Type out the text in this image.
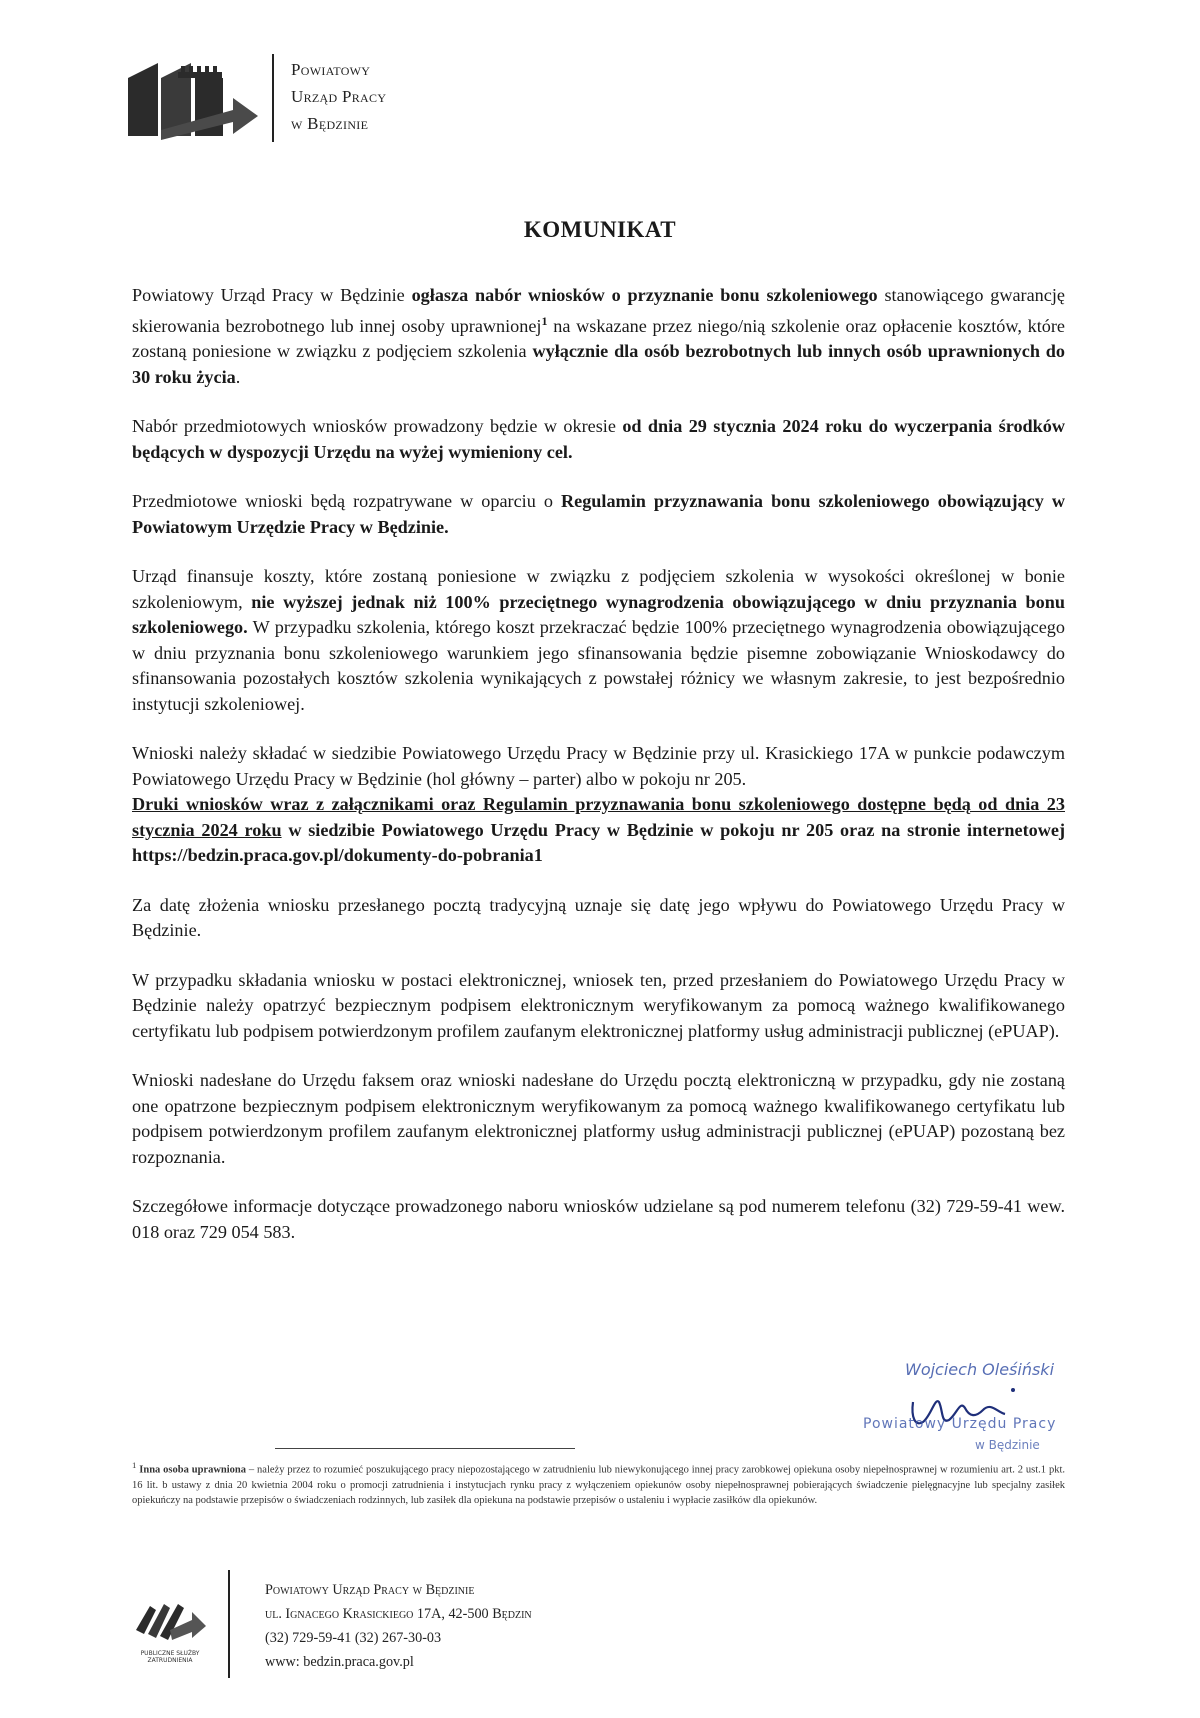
Powiatowy
Urząd Pracy
w Będzinie
KOMUNIKAT

Powiatowy Urząd Pracy w Będzinie ogłasza nabór wniosków o przyznanie bonu szkoleniowego stanowiącego gwarancję skierowania bezrobotnego lub innej osoby uprawnionej$^1$ na wskazane przez niego/nią szkolenie oraz opłacenie kosztów, które zostaną poniesione w związku z podjęciem szkolenia wyłącznie dla osób bezrobotnych lub innych osób uprawnionych do 30 roku życia.

Nabór przedmiotowych wniosków prowadzony będzie w okresie od dnia 29 stycznia 2024 roku do wyczerpania środków będących w dyspozycji Urzędu na wyżej wymieniony cel.

Przedmiotowe wnioski będą rozpatrywane w oparciu o Regulamin przyznawania bonu szkoleniowego obowiązujący w Powiatowym Urzędzie Pracy w Będzinie.

Urząd finansuje koszty, które zostaną poniesione w związku z podjęciem szkolenia w wysokości określonej w bonie szkoleniowym, nie wyższej jednak niż 100% przeciętnego wynagrodzenia obowiązującego w dniu przyznania bonu szkoleniowego. W przypadku szkolenia, którego koszt przekraczać będzie 100% przeciętnego wynagrodzenia obowiązującego w dniu przyznania bonu szkoleniowego warunkiem jego sfinansowania będzie pisemne zobowiązanie Wnioskodawcy do sfinansowania pozostałych kosztów szkolenia wynikających z powstałej różnicy we własnym zakresie, to jest bezpośrednio instytucji szkoleniowej.

Wnioski należy składać w siedzibie Powiatowego Urzędu Pracy w Będzinie przy ul. Krasickiego 17A w punkcie podawczym Powiatowego Urzędu Pracy w Będzinie (hol główny – parter) albo w pokoju nr 205.

Druki wniosków wraz z załącznikami oraz Regulamin przyznawania bonu szkoleniowego dostępne będą od dnia 23 stycznia 2024 roku w siedzibie Powiatowego Urzędu Pracy w Będzinie w pokoju nr 205 oraz na stronie internetowej https://bedzin.praca.gov.pl/dokumenty-do-pobrania1

Za datę złożenia wniosku przesłanego pocztą tradycyjną uznaje się datę jego wpływu do Powiatowego Urzędu Pracy w Będzinie.

W przypadku składania wniosku w postaci elektronicznej, wniosek ten, przed przesłaniem do Powiatowego Urzędu Pracy w Będzinie należy opatrzyć bezpiecznym podpisem elektronicznym weryfikowanym za pomocą ważnego kwalifikowanego certyfikatu lub podpisem potwierdzonym profilem zaufanym elektronicznej platformy usług administracji publicznej (ePUAP).

Wnioski nadesłane do Urzędu faksem oraz wnioski nadesłane do Urzędu pocztą elektroniczną w przypadku, gdy nie zostaną one opatrzone bezpiecznym podpisem elektronicznym weryfikowanym za pomocą ważnego kwalifikowanego certyfikatu lub podpisem potwierdzonym profilem zaufanym elektronicznej platformy usług administracji publicznej (ePUAP) pozostaną bez rozpoznania.

Szczegółowe informacje dotyczące prowadzonego naboru wniosków udzielane są pod numerem telefonu (32) 729-59-41 wew. 018 oraz 729 054 583.

Wojciech Oleśiński
Powiatowy Urzędu Pracy
w Będzinie
$^1$ Inna osoba uprawniona – należy przez to rozumieć poszukującego pracy niepozostającego w zatrudnieniu lub niewykonującego innej pracy zarobkowej opiekuna osoby niepełnosprawnej w rozumieniu art. 2 ust.1 pkt. 16 lit. b ustawy z dnia 20 kwietnia 2004 roku o promocji zatrudnienia i instytucjach rynku pracy z wyłączeniem opiekunów osoby niepełnosprawnej pobierających świadczenie pielęgnacyjne lub specjalny zasiłek opiekuńczy na podstawie przepisów o świadczeniach rodzinnych, lub zasiłek dla opiekuna na podstawie przepisów o ustaleniu i wypłacie zasiłków dla opiekunów.
PUBLICZNE SŁUŻBY ZATRUDNIENIA
Powiatowy Urząd Pracy w Będzinie
ul. Ignacego Krasickiego 17A, 42-500 Będzin
(32) 729-59-41 (32) 267-30-03
www: bedzin.praca.gov.pl
